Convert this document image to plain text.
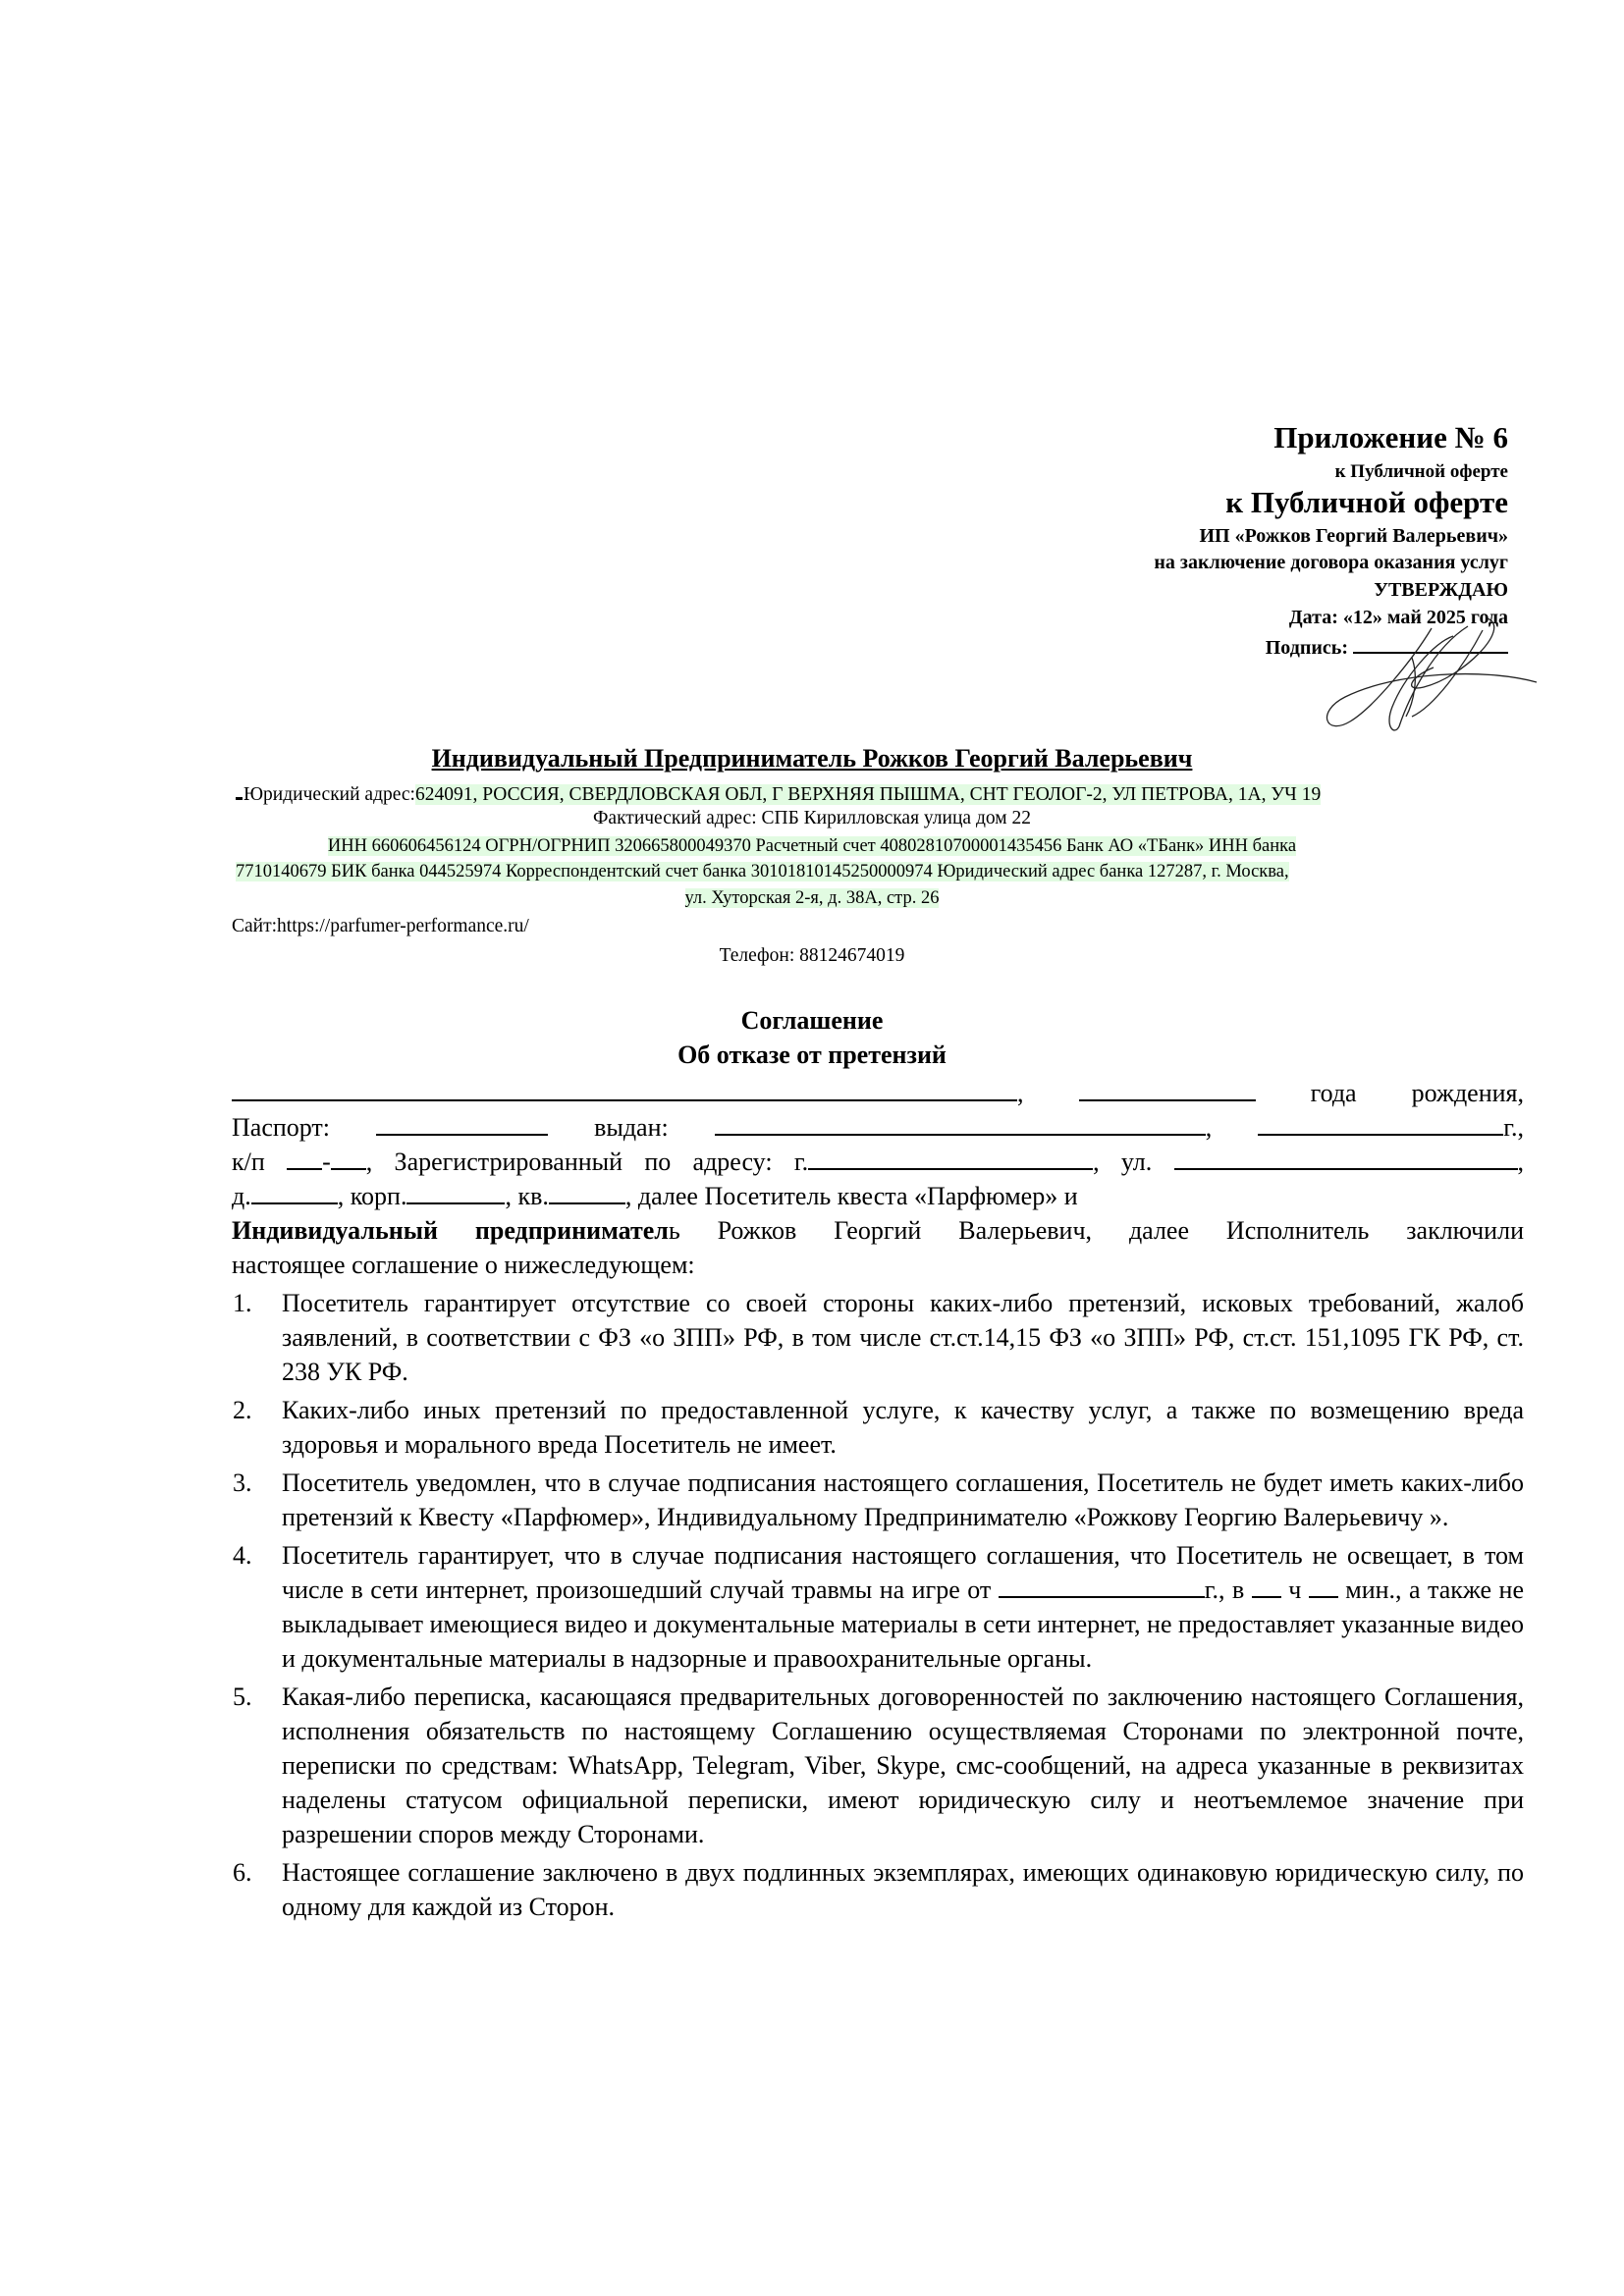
Приложение № 6
к Публичной оферте
к Публичной оферте
ИП «Рожков Георгий Валерьевич»
на заключение договора оказания услуг
УТВЕРЖДАЮ
Дата: «12» май 2025 года
Подпись:
Индивидуальный Предприниматель Рожков Георгий Валерьевич
Юридический адрес:624091, РОССИЯ, СВЕРДЛОВСКАЯ ОБЛ, Г ВЕРХНЯЯ ПЫШМА, СНТ ГЕОЛОГ-2, УЛ ПЕТРОВА, 1А, УЧ 19
Фактический адрес: СПБ Кирилловская улица дом 22
ИНН 660606456124 ОГРН/ОГРНИП 320665800049370 Расчетный счет 40802810700001435456 Банк АО «ТБанк» ИНН банка
7710140679 БИК банка 044525974 Корреспондентский счет банка 30101810145250000974 Юридический адрес банка 127287, г. Москва,
ул. Хуторская 2-я, д. 38А, стр. 26
Сайт:https://parfumer-performance.ru/
Телефон: 88124674019
Соглашение
Об отказе от претензий
,	года рождения,
Паспорт:	выдан:	,	г.,
к/п - , Зарегистрированный по адресу: г.	, ул.	,
д.	, корп.	, кв.	, далее Посетитель квеста «Парфюмер» и
Индивидуальный предприниматель Рожков Георгий Валерьевич, далее Исполнитель заключили
настоящее соглашение о нижеследующем:
1. Посетитель гарантирует отсутствие со своей стороны каких-либо претензий, исковых требований, жалоб заявлений, в соответствии с ФЗ «о ЗПП» РФ, в том числе ст.ст.14,15 ФЗ «о ЗПП» РФ, ст.ст. 151,1095 ГК РФ, ст. 238 УК РФ.
2. Каких-либо иных претензий по предоставленной услуге, к качеству услуг, а также по возмещению вреда здоровья и морального вреда Посетитель не имеет.
3. Посетитель уведомлен, что в случае подписания настоящего соглашения, Посетитель не будет иметь каких-либо претензий к Квесту «Парфюмер», Индивидуальному Предпринимателю «Рожкову Георгию Валерьевичу ».
4. Посетитель гарантирует, что в случае подписания настоящего соглашения, что Посетитель не освещает, в том числе в сети интернет, произошедший случай травмы на игре от	г., в  ч  мин., а также не выкладывает имеющиеся видео и документальные материалы в сети интернет, не предоставляет указанные видео и документальные материалы в надзорные и правоохранительные органы.
5. Какая-либо переписка, касающаяся предварительных договоренностей по заключению настоящего Соглашения, исполнения обязательств по настоящему Соглашению осуществляемая Сторонами по электронной почте, переписки по средствам: WhatsApp, Telegram, Viber, Skype, смс-сообщений, на адреса указанные в реквизитах наделены статусом официальной переписки, имеют юридическую силу и неотъемлемое значение при разрешении споров между Сторонами.
6. Настоящее соглашение заключено в двух подлинных экземплярах, имеющих одинаковую юридическую силу, по одному для каждой из Сторон.
